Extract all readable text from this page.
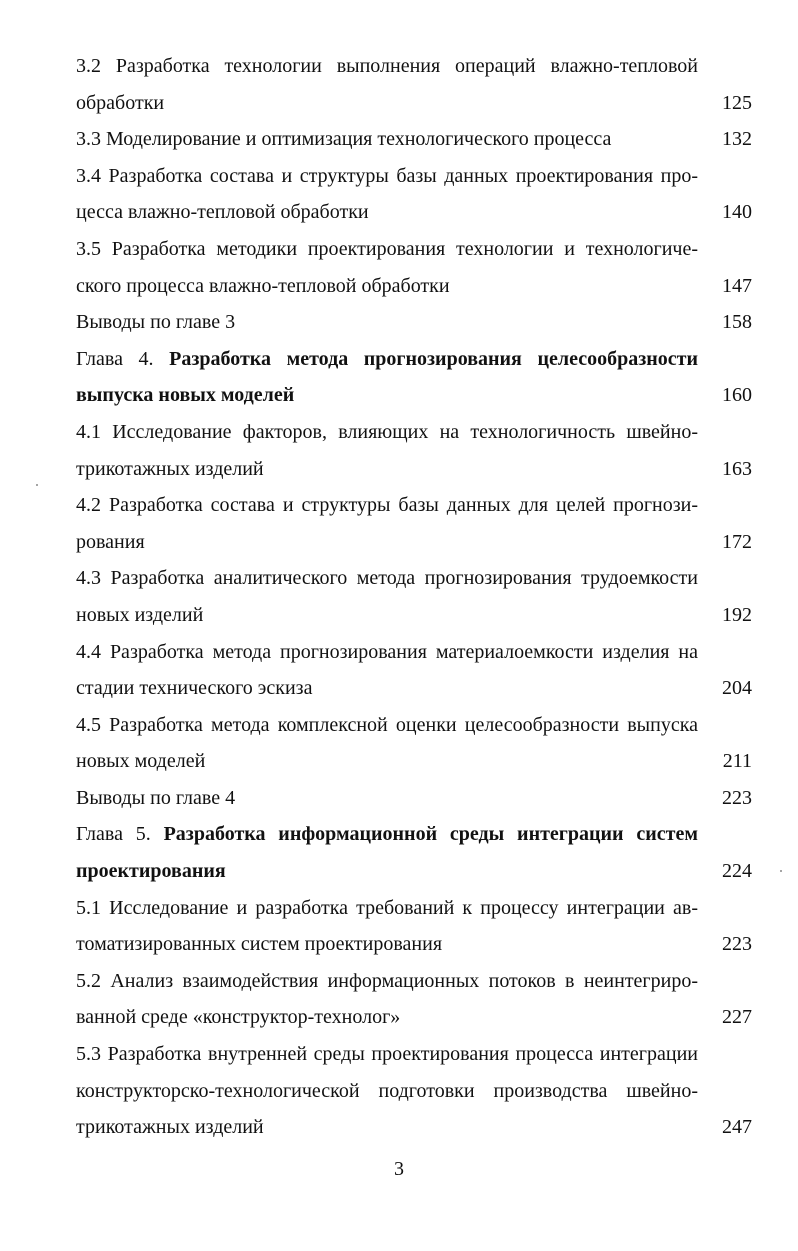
3.2 Разработка технологии выполнения операций влажно-тепловой
обработки	125
3.3 Моделирование и оптимизация технологического процесса	132
3.4 Разработка состава и структуры базы данных проектирования про-
цесса влажно-тепловой обработки	140
3.5 Разработка методики проектирования технологии и технологиче-
ского процесса влажно-тепловой обработки	147
Выводы по главе 3	158
Глава 4. Разработка метода прогнозирования целесообразности
выпуска новых моделей	160
4.1 Исследование факторов, влияющих на технологичность швейно-
трикотажных изделий	163
4.2 Разработка состава и структуры базы данных для целей прогнози-
рования	172
4.3 Разработка аналитического метода прогнозирования трудоемкости
новых изделий	192
4.4 Разработка метода прогнозирования материалоемкости изделия на
стадии технического эскиза	204
4.5 Разработка метода комплексной оценки целесообразности выпуска
новых моделей	211
Выводы по главе 4	223
Глава 5. Разработка информационной среды интеграции систем
проектирования	224
5.1 Исследование и разработка требований к процессу интеграции ав-
томатизированных систем проектирования	223
5.2 Анализ взаимодействия информационных потоков в неинтегриро-
ванной среде «конструктор-технолог»	227
5.3 Разработка внутренней среды проектирования процесса интеграции
конструкторско-технологической подготовки производства швейно-
трикотажных изделий	247
3
